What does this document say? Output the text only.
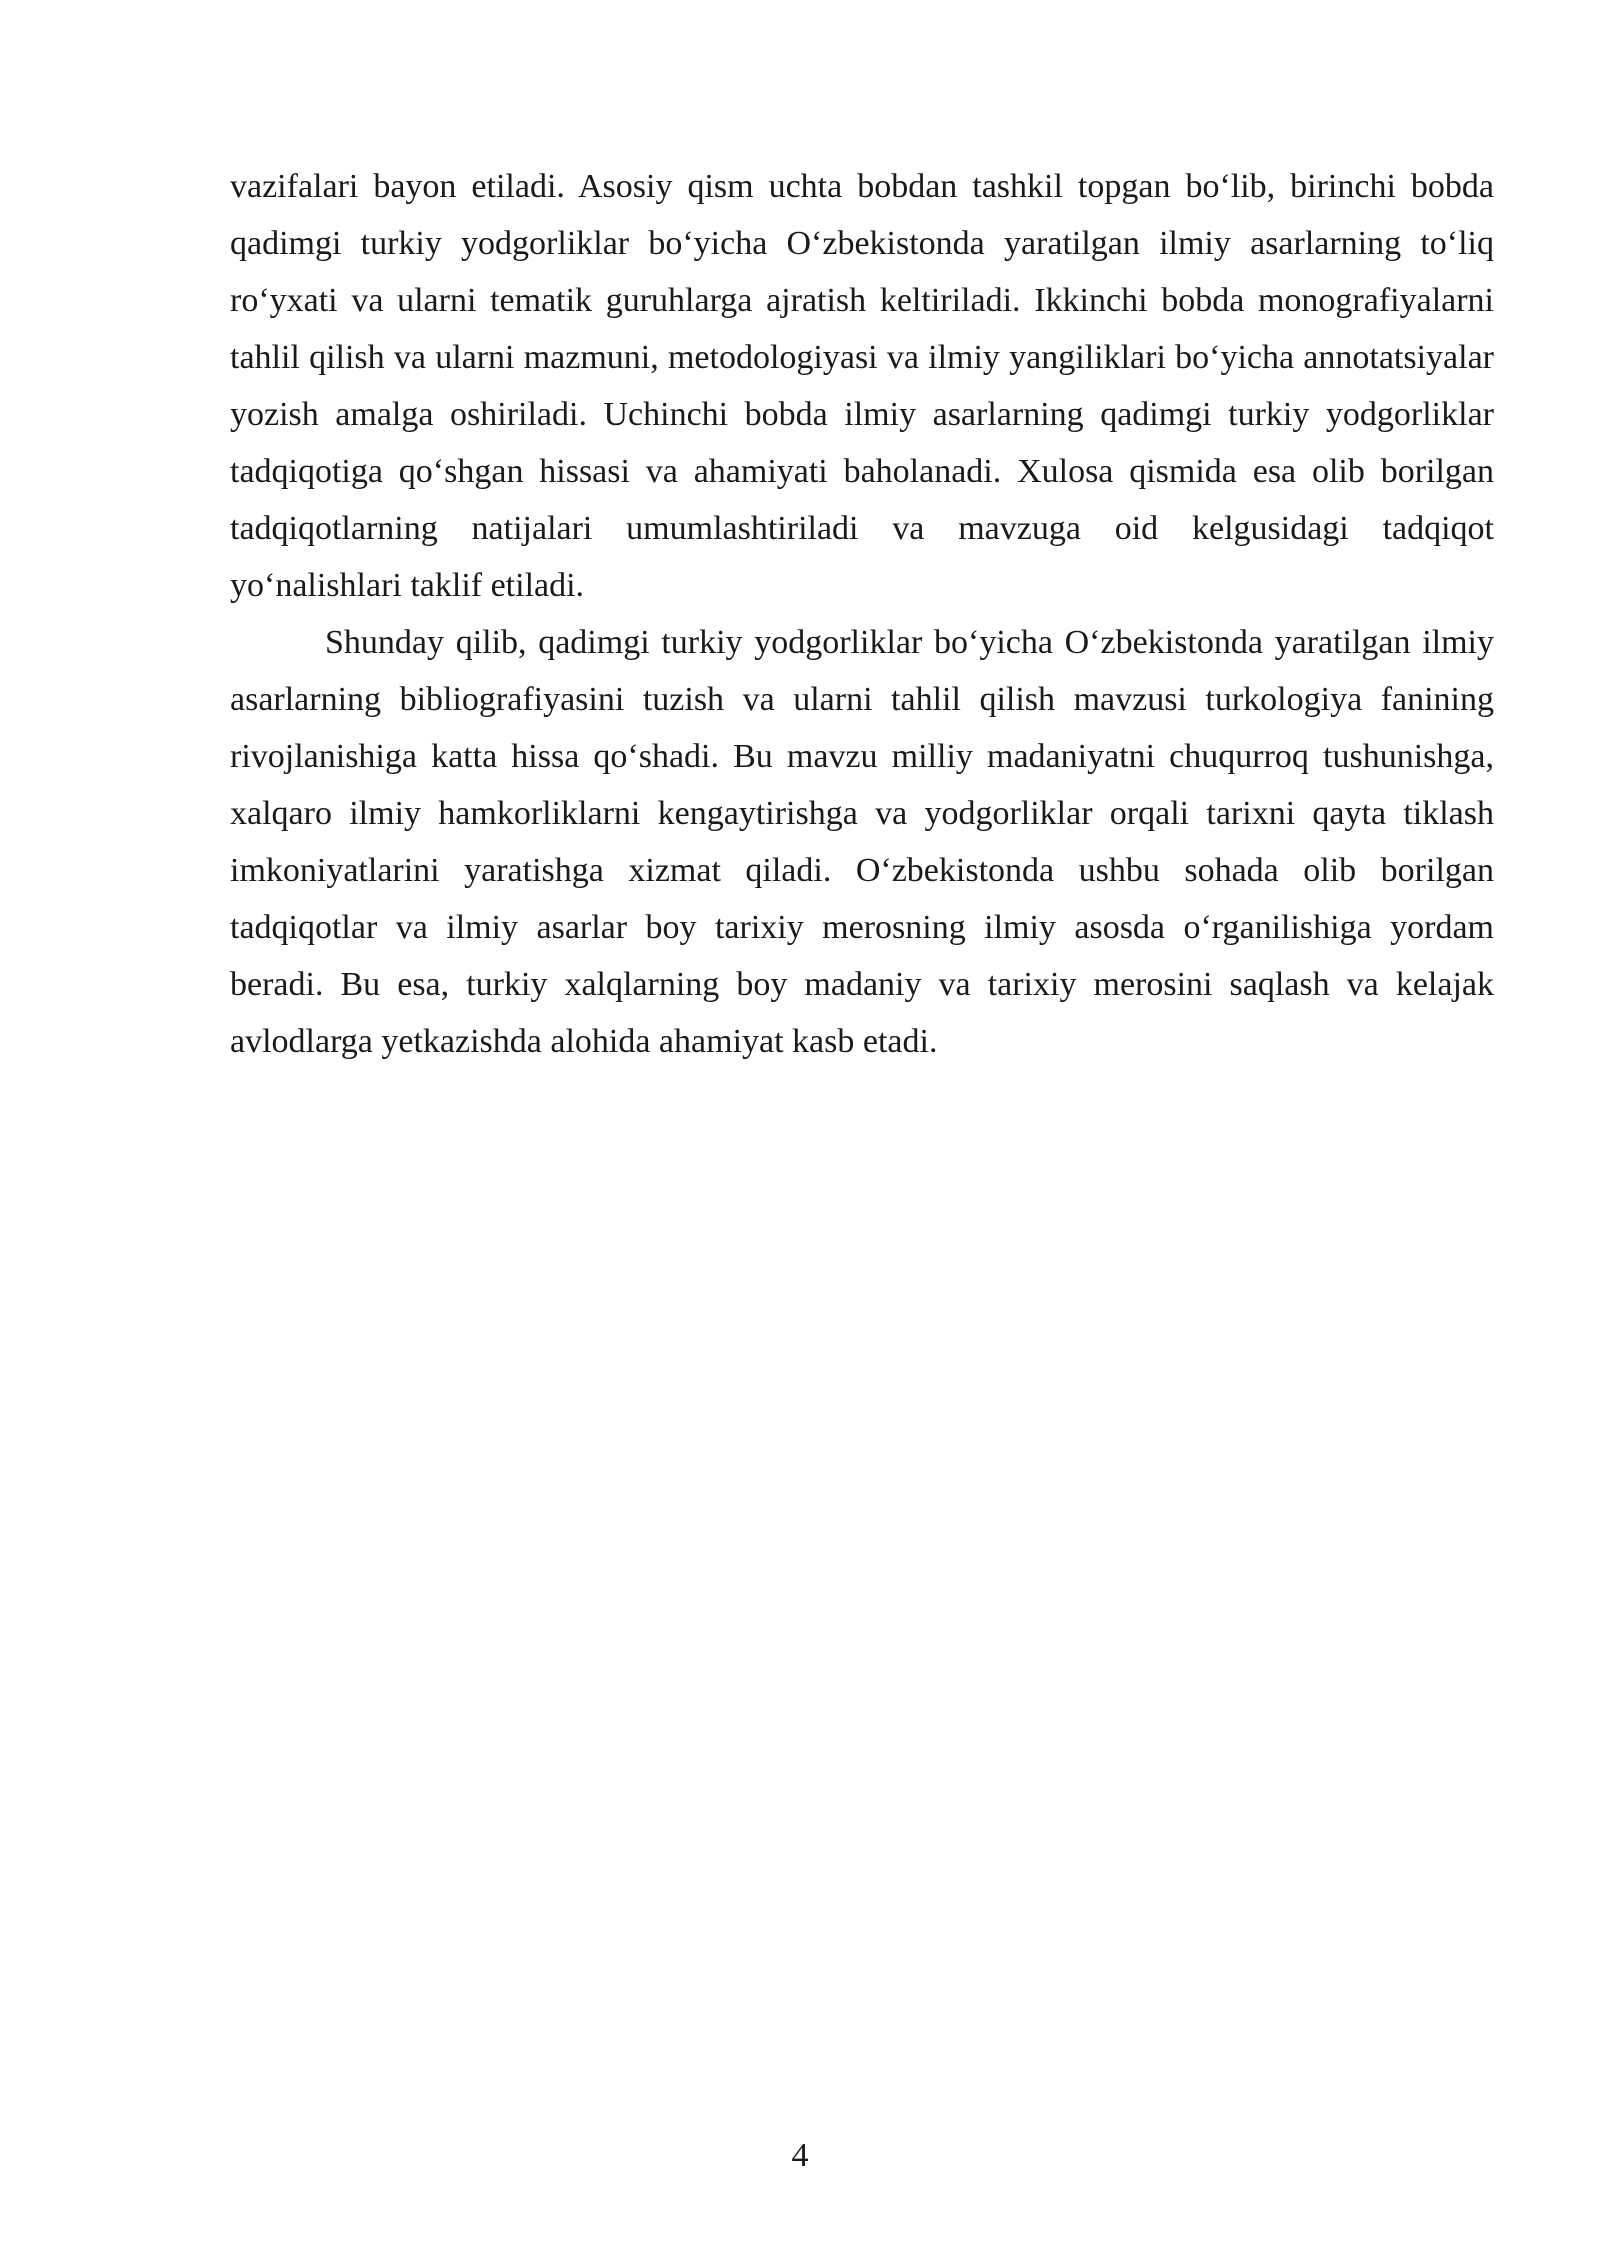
vazifalari bayon etiladi. Asosiy qism uchta bobdan tashkil topgan bo‘lib, birinchi bobda qadimgi turkiy yodgorliklar bo‘yicha O‘zbekistonda yaratilgan ilmiy asarlarning to‘liq ro‘yxati va ularni tematik guruhlarga ajratish keltiriladi. Ikkinchi bobda monografiyalarni tahlil qilish va ularni mazmuni, metodologiyasi va ilmiy yangiliklari bo‘yicha annotatsiyalar yozish amalga oshiriladi. Uchinchi bobda ilmiy asarlarning qadimgi turkiy yodgorliklar tadqiqotiga qo‘shgan hissasi va ahamiyati baholanadi. Xulosa qismida esa olib borilgan tadqiqotlarning natijalari umumlashtiriladi va mavzuga oid kelgusidagi tadqiqot yo‘nalishlari taklif etiladi.

Shunday qilib, qadimgi turkiy yodgorliklar bo‘yicha O‘zbekistonda yaratilgan ilmiy asarlarning bibliografiyasini tuzish va ularni tahlil qilish mavzusi turkologiya fanining rivojlanishiga katta hissa qo‘shadi. Bu mavzu milliy madaniyatni chuqurroq tushunishga, xalqaro ilmiy hamkorliklarni kengaytirishga va yodgorliklar orqali tarixni qayta tiklash imkoniyatlarini yaratishga xizmat qiladi. O‘zbekistonda ushbu sohada olib borilgan tadqiqotlar va ilmiy asarlar boy tarixiy merosning ilmiy asosda o‘rganilishiga yordam beradi. Bu esa, turkiy xalqlarning boy madaniy va tarixiy merosini saqlash va kelajak avlodlarga yetkazishda alohida ahamiyat kasb etadi.

4
